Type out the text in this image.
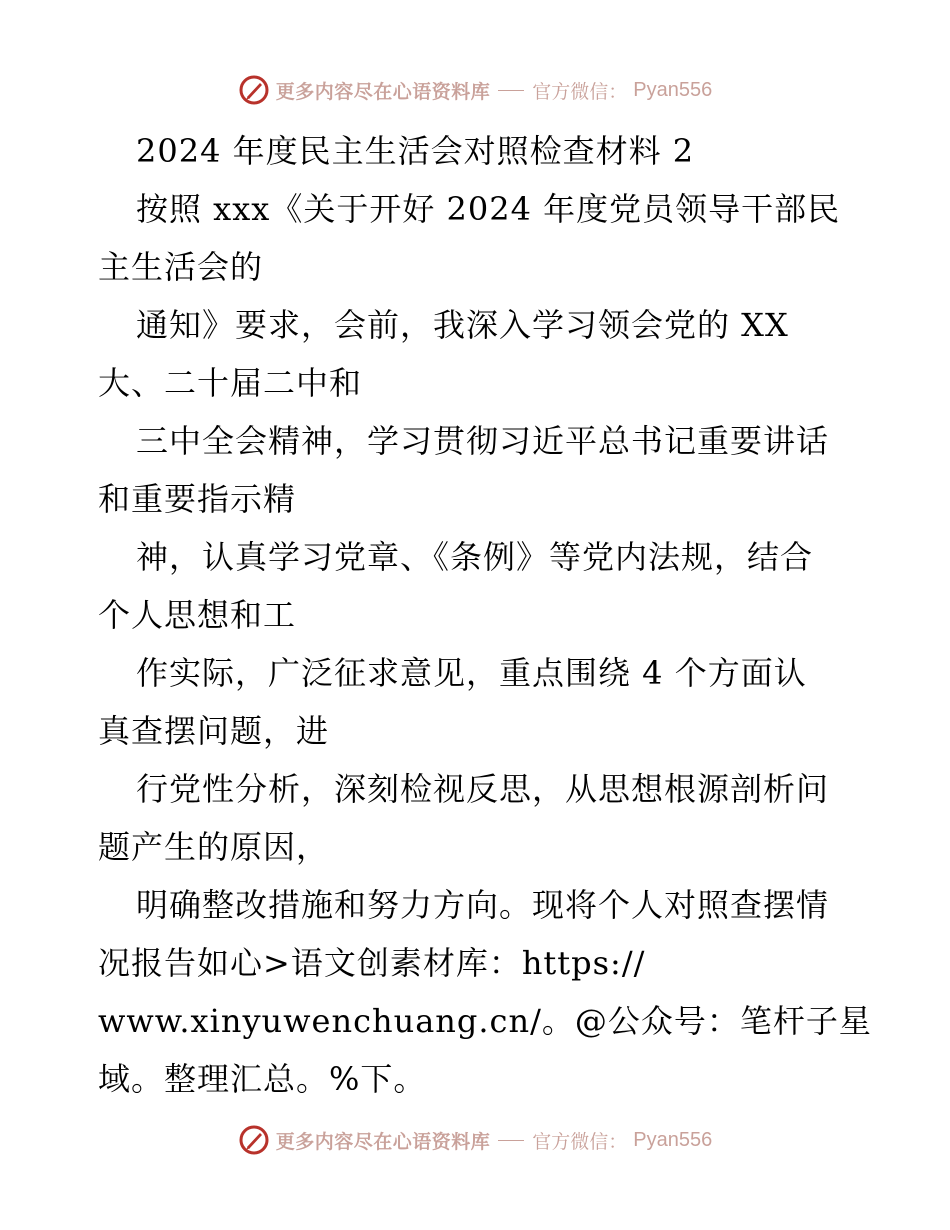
更多内容尽在心语资料库 官方微信： Pyan556
2024 年度民主生活会对照检查材料 2
按照 xxx《关于开好 2024 年度党员领导干部民
主生活会的
通知》要求，会前，我深入学习领会党的 XX
大、二十届二中和
三中全会精神，学习贯彻习近平总书记重要讲话
和重要指示精
神，认真学习党章、《条例》等党内法规，结合
个人思想和工
作实际，广泛征求意见，重点围绕 4 个方面认
真查摆问题，进
行党性分析，深刻检视反思，从思想根源剖析问
题产生的原因，
明确整改措施和努力方向。现将个人对照查摆情
况报告如心>语文创素材库：https://
www.xinyuwenchuang.cn/。@公众号：笔杆子星
域。整理汇总。%下。
更多内容尽在心语资料库 官方微信： Pyan556
